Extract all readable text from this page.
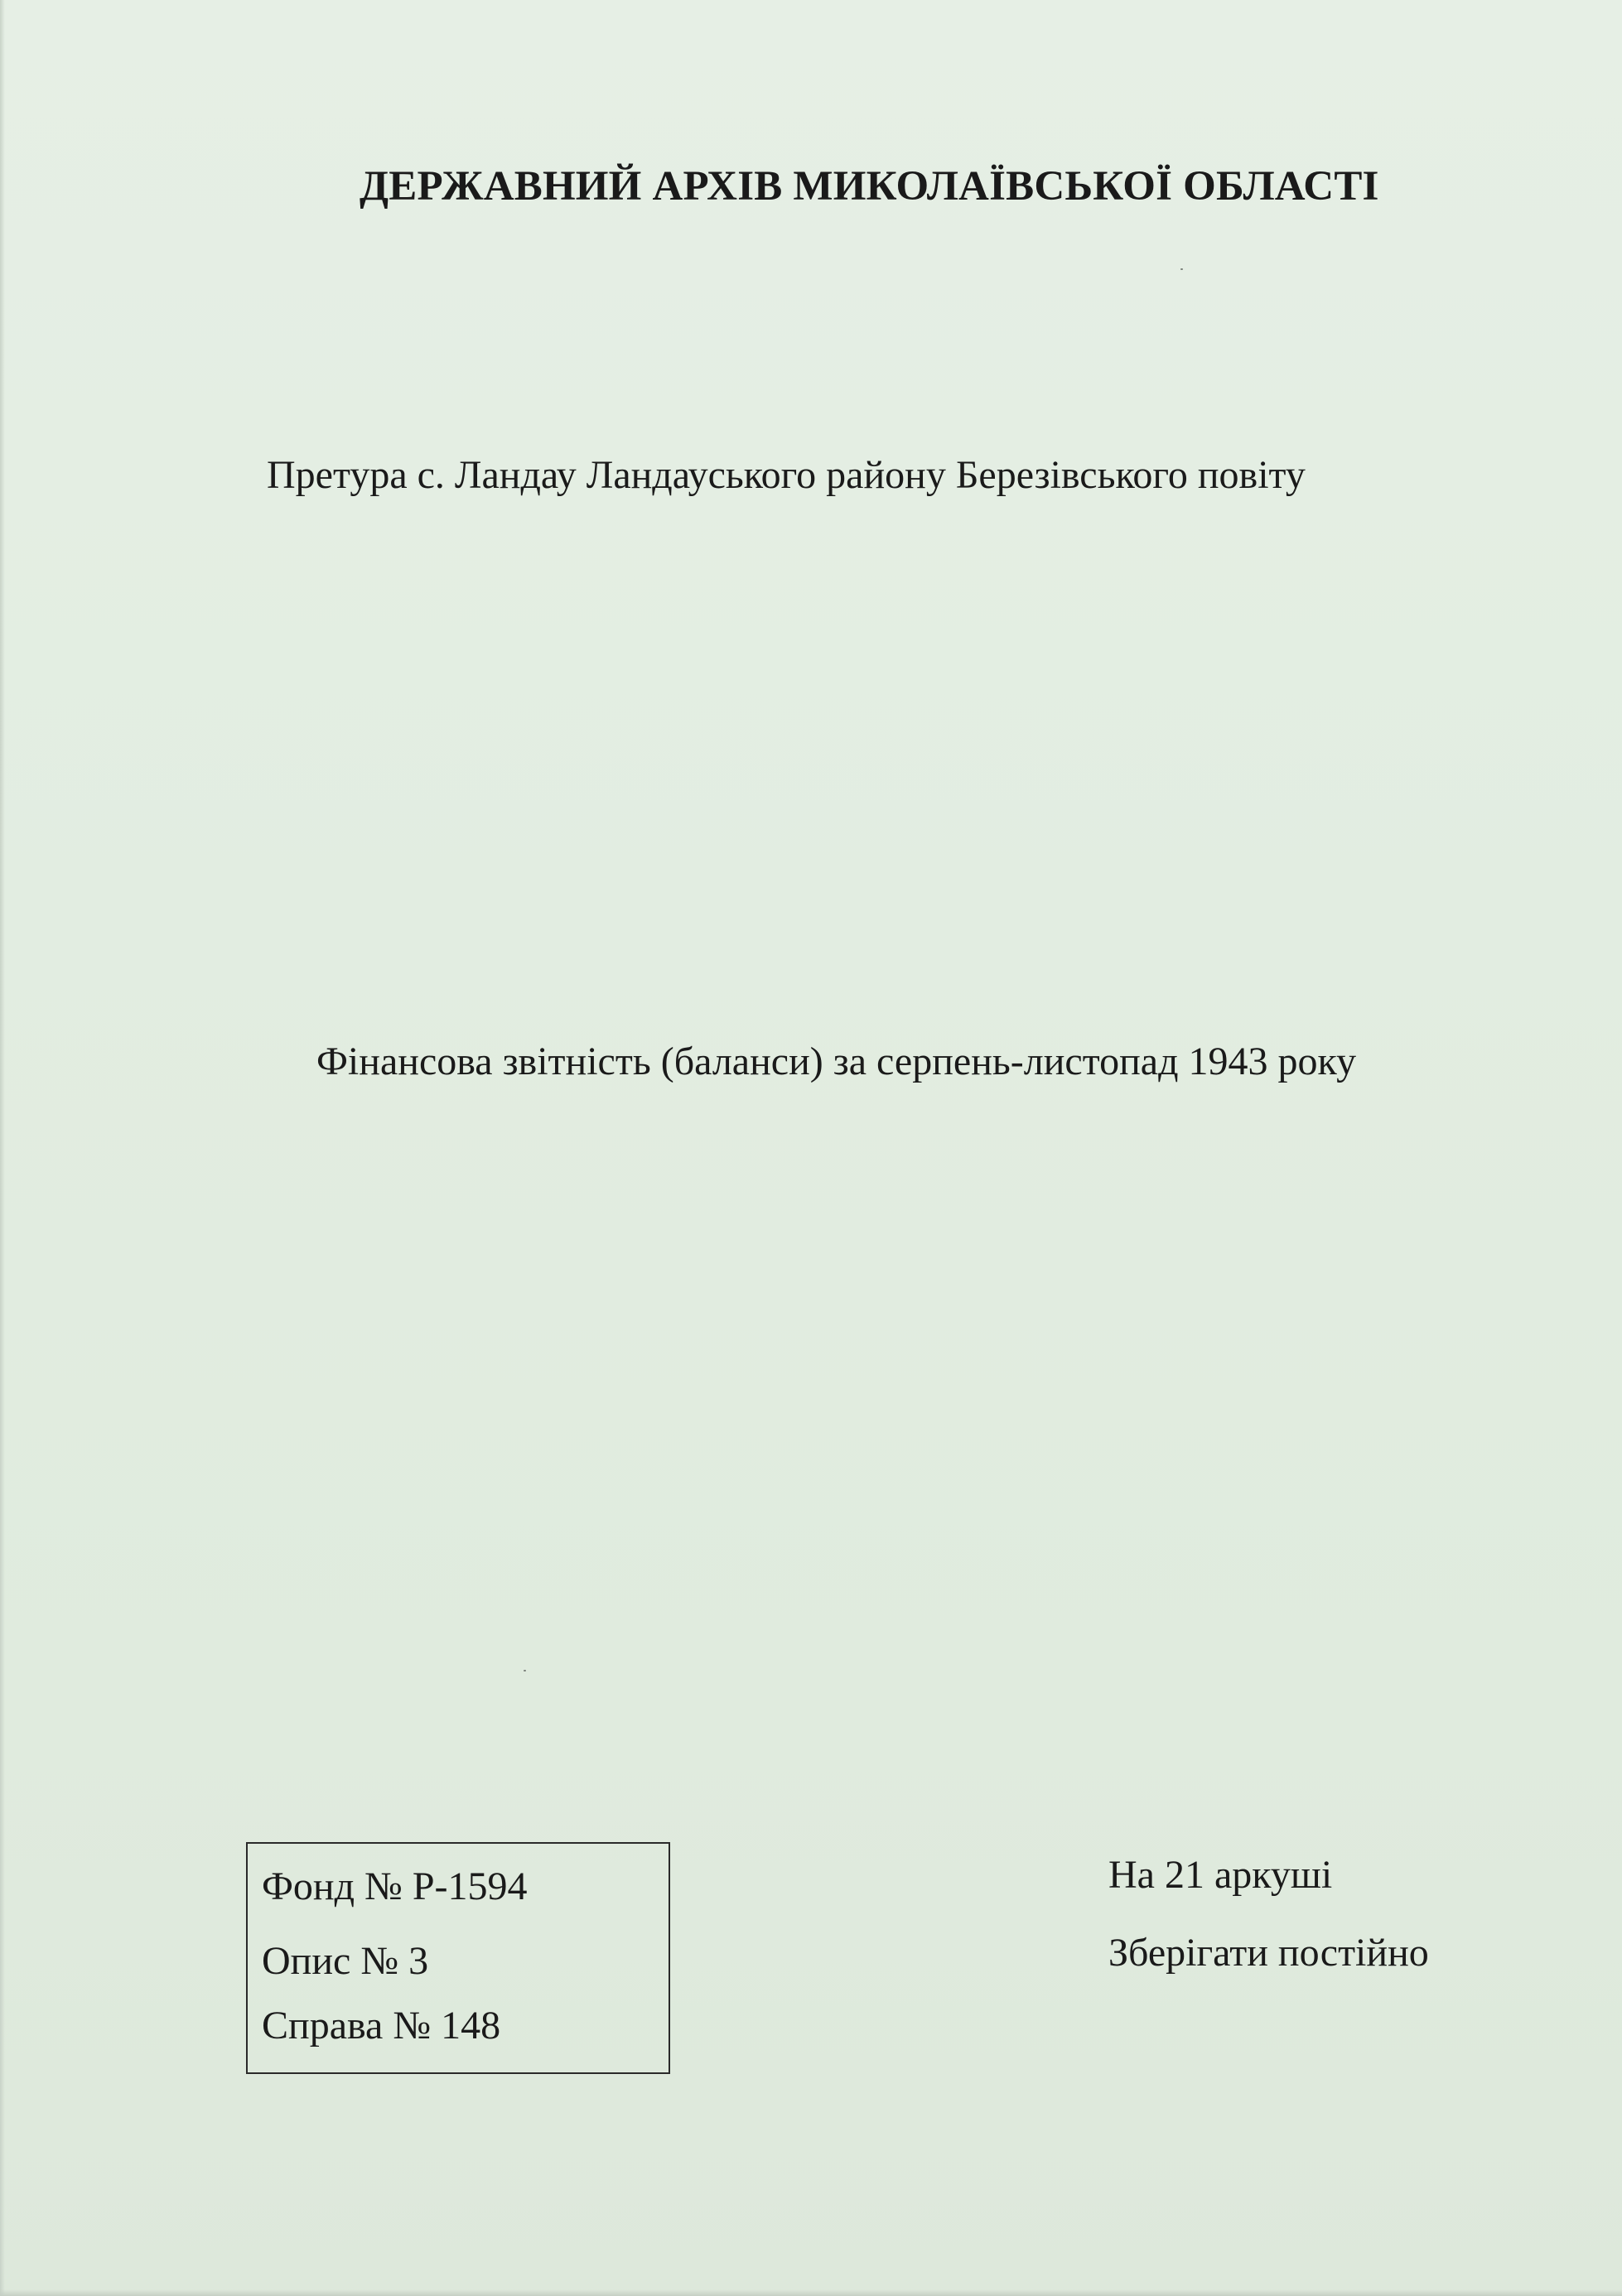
ДЕРЖАВНИЙ АРХІВ МИКОЛАЇВСЬКОЇ ОБЛАСТІ
Претура с. Ландау Ландауського району Березівського повіту
Фінансова звітність (баланси) за серпень-листопад 1943 року
Фонд № Р-1594
Опис № 3
Справа № 148
На 21 аркуші
Зберігати постійно
